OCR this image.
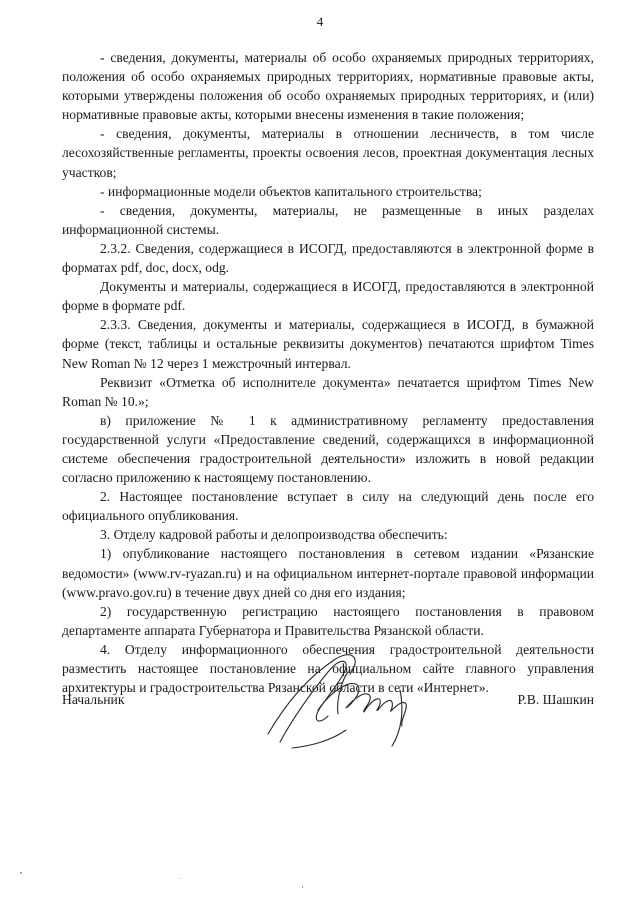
4

- сведения, документы, материалы об особо охраняемых природных территориях, положения об особо охраняемых природных территориях, нормативные правовые акты, которыми утверждены положения об особо охраняемых природных территориях, и (или) нормативные правовые акты, которыми внесены изменения в такие положения;

- сведения, документы, материалы в отношении лесничеств, в том числе лесохозяйственные регламенты, проекты освоения лесов, проектная документация лесных участков;

- информационные модели объектов капитального строительства;

- сведения, документы, материалы, не размещенные в иных разделах информационной системы.

2.3.2. Сведения, содержащиеся в ИСОГД, предоставляются в электронной форме в форматах pdf, doc, docx, odg.

Документы и материалы, содержащиеся в ИСОГД, предоставляются в электронной форме в формате pdf.

2.3.3. Сведения, документы и материалы, содержащиеся в ИСОГД, в бумажной форме (текст, таблицы и остальные реквизиты документов) печатаются шрифтом Times New Roman № 12 через 1 межстрочный интервал.

Реквизит «Отметка об исполнителе документа» печатается шрифтом Times New Roman № 10.»;

в) приложение № 1 к административному регламенту предоставления государственной услуги «Предоставление сведений, содержащихся в информационной системе обеспечения градостроительной деятельности» изложить в новой редакции согласно приложению к настоящему постановлению.

2. Настоящее постановление вступает в силу на следующий день после его официального опубликования.

3. Отделу кадровой работы и делопроизводства обеспечить:

1) опубликование настоящего постановления в сетевом издании «Рязанские ведомости» (www.rv-ryazan.ru) и на официальном интернет-портале правовой информации (www.pravo.gov.ru) в течение двух дней со дня его издания;

2) государственную регистрацию настоящего постановления в правовом департаменте аппарата Губернатора и Правительства Рязанской области.

4. Отделу информационного обеспечения градостроительной деятельности разместить настоящее постановление на официальном сайте главного управления архитектуры и градостроительства Рязанской области в сети «Интернет».

Начальник	Р.В. Шашкин
